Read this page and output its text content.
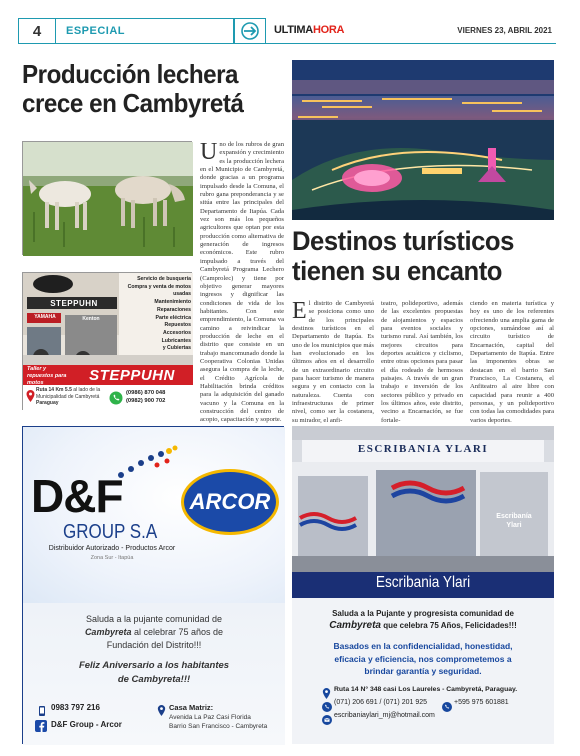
4	ESPECIAL	ULTIMAHORA	VIERNES 23, ABRIL 2021
Producción lechera
crece en Cambyretá
Uno de los rubros de gran expansión y crecimiento es la producción lechera en el Municipio de Cambyretá, donde gracias a un programa impulsado desde la Comuna, el rubro gana preponderancia y se sitúa entre las principales del Departamento de Itapúa. Cada vez son más los pequeños agricultores que optan por esta producción como alternativa de generación de ingresos económicos. Este rubro impulsado a través del Cambyretá Programa Lechero (Camprolec) y tiene por objetivo generar mayores ingresos y dignificar las condiciones de vida de los habitantes. Con este emprendimiento, la Comuna va camino a reivindicar la producción de leche en el distrito que consiste en un trabajo mancomunado donde la Cooperativa Colonias Unidas asegura la compra de la leche, el Crédito Agrícola de Habilitación brinda créditos para la adquisición del ganado vacuno y la Comuna en la construcción del centro de acopio, capacitación y soporte.
STEPPUHN
YAMAHA	Kenton
Servicio de busquería
Compra y venta de motos usadas
Mantenimiento
Reparaciones
Parte eléctrica
Repuestos
Accesorios
Lubricantes
y Cubiertas
Taller y repuestos para motos	STEPPUHN
Ruta 14 Km 5.5 al lado de la Municipalidad de Cambyretá
Paraguay
(0986) 870 048
(0982) 900 702
Destinos turísticos
tienen su encanto
El distrito de Cambyretá se posiciona como uno de los principales destinos turísticos en el Departamento de Itapúa. Es uno de los municipios que más han evolucionado en los últimos años en el desarrollo de un extraordinario circuito para hacer turismo de manera segura y en contacto con la naturaleza. Cuenta con infraestructuras de primer nivel, como ser la costanera, su mirador, el anfi-
teatro, polideportivo, además de las excelentes propuestas de alojamientos y espacios para eventos sociales y turismo rural. Así también, los mejores circuitos para deportes acuáticos y ciclismo, entre otras opciones para pasar el día rodeado de hermosos paisajes. A través de un gran trabajo e inversión de los sectores público y privado en los últimos años, este distrito, vecino a Encarnación, se fue fortale-
ciendo en materia turística y hoy es uno de los referentes ofreciendo una amplia gama de opciones, sumándose así al circuito turístico de Encarnación, capital del Departamento de Itapúa. Entre las imponentes obras se destacan en el barrio San Francisco, La Costanera, el Anfiteatro al aire libre con capacidad para reunir a 400 personas, y un polideportivo con todas las comodidades para varios deportes.
D&F
GROUP S.A
Distribuidor Autorizado - Productos Arcor
Zona Sur - Itapúa
ARCOR
Saluda a la pujante comunidad de
Cambyreta al celebrar 75 años de
Fundación del Distrito!!!
Feliz Aniversario a los habitantes
de Cambyreta!!!
0983 797 216
D&F Group - Arcor
Casa Matriz:
Avenida La Paz Casi Florida
Barrio San Francisco - Cambyreta
ESCRIBANIA YLARI
Escribanía
Ylari
Escribania Ylari
Saluda a la Pujante y progresista comunidad de
Cambyreta que celebra 75 Años, Felicidades!!!
Basados en la confidencialidad, honestidad,
eficacia y eficiencia, nos comprometemos a
brindar garantía y seguridad.
Ruta 14 N° 348 casi Los Laureles - Cambyretá, Paraguay.
(071) 206 691 / (071) 201 925	+595 975 601881
escribaniaylari_mj@hotmail.com
